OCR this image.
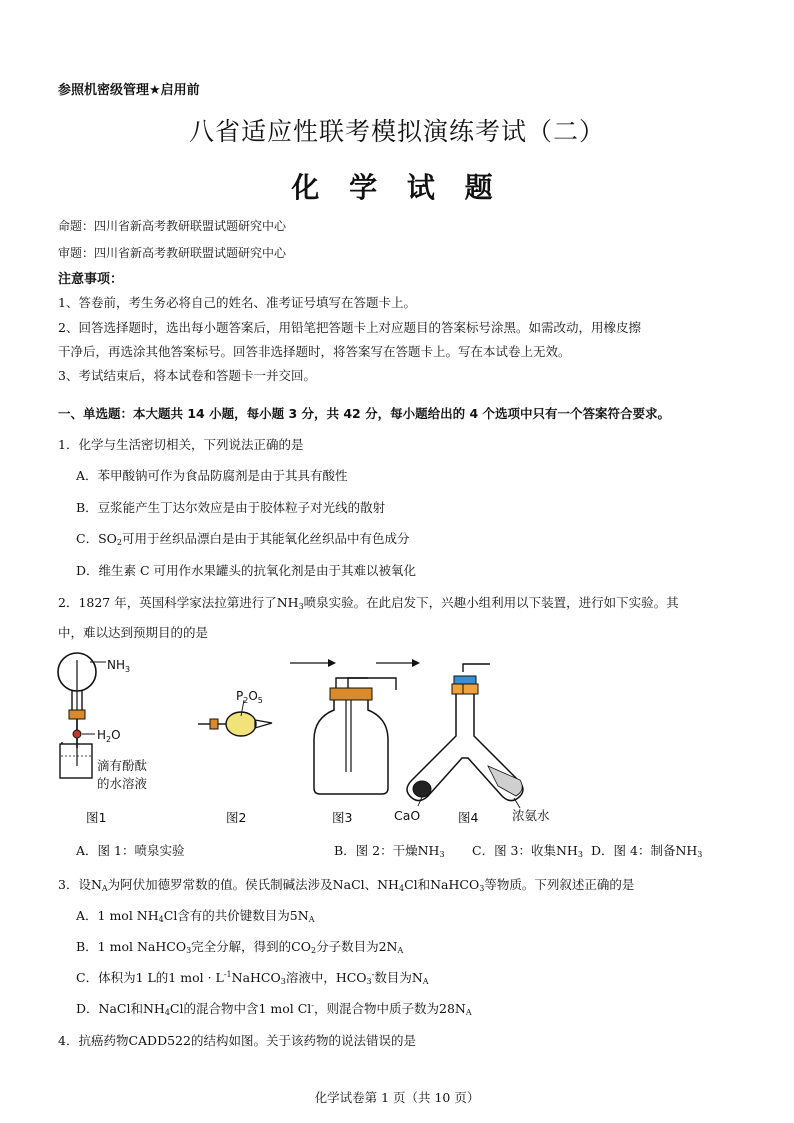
参照机密级管理★启用前
八省适应性联考模拟演练考试（二）
化 学 试 题
命题：四川省新高考教研联盟试题研究中心
审题：四川省新高考教研联盟试题研究中心
注意事项：
1、答卷前，考生务必将自己的姓名、准考证号填写在答题卡上。
2、回答选择题时，选出每小题答案后，用铅笔把答题卡上对应题目的答案标号涂黑。如需改动，用橡皮擦
干净后，再选涂其他答案标号。回答非选择题时，将答案写在答题卡上。写在本试卷上无效。
3、考试结束后，将本试卷和答题卡一并交回。
一、单选题：本大题共 14 小题，每小题 3 分，共 42 分，每小题给出的 4 个选项中只有一个答案符合要求。
1．化学与生活密切相关，下列说法正确的是
A．苯甲酸钠可作为食品防腐剂是由于其具有酸性
B．豆浆能产生丁达尔效应是由于胶体粒子对光线的散射
C．$SO_2$可用于丝织品漂白是由于其能氧化丝织品中有色成分
D．维生素 C 可用作水果罐头的抗氧化剂是由于其难以被氧化
2．1827 年，英国科学家法拉第进行了$NH_3$喷泉实验。在此启发下，兴趣小组利用以下装置，进行如下实验。其
中，难以达到预期目的的是
$NH_3$
$H_2O$
滴有酚酞
的水溶液
$P_2O_5$
CaO	浓氨水
图1	图2	图3	图4
A．图 1：喷泉实验	B．图 2：干燥$NH_3$ C．图 3：收集$NH_3$ D．图 4：制备$NH_3$
3．设$N_A$为阿伏加德罗常数的值。侯氏制碱法涉及NaCl、$NH_4Cl$和NaHCO$_3$等物质。下列叙述正确的是
A．1 mol $NH_4Cl$含有的共价键数目为$5N_A$
B．1 mol NaHCO$_3$完全分解，得到的$CO_2$分子数目为$2N_A$
C．体积为1 L的1 mol · $L^{-1}NaHCO_3$溶液中，$HCO_3^-$数目为$N_A$
D．NaCl和$NH_4Cl$的混合物中含1 mol Cl-，则混合物中质子数为$28N_A$
4．抗癌药物CADD522的结构如图。关于该药物的说法错误的是
化学试卷第 1 页（共 10 页）
